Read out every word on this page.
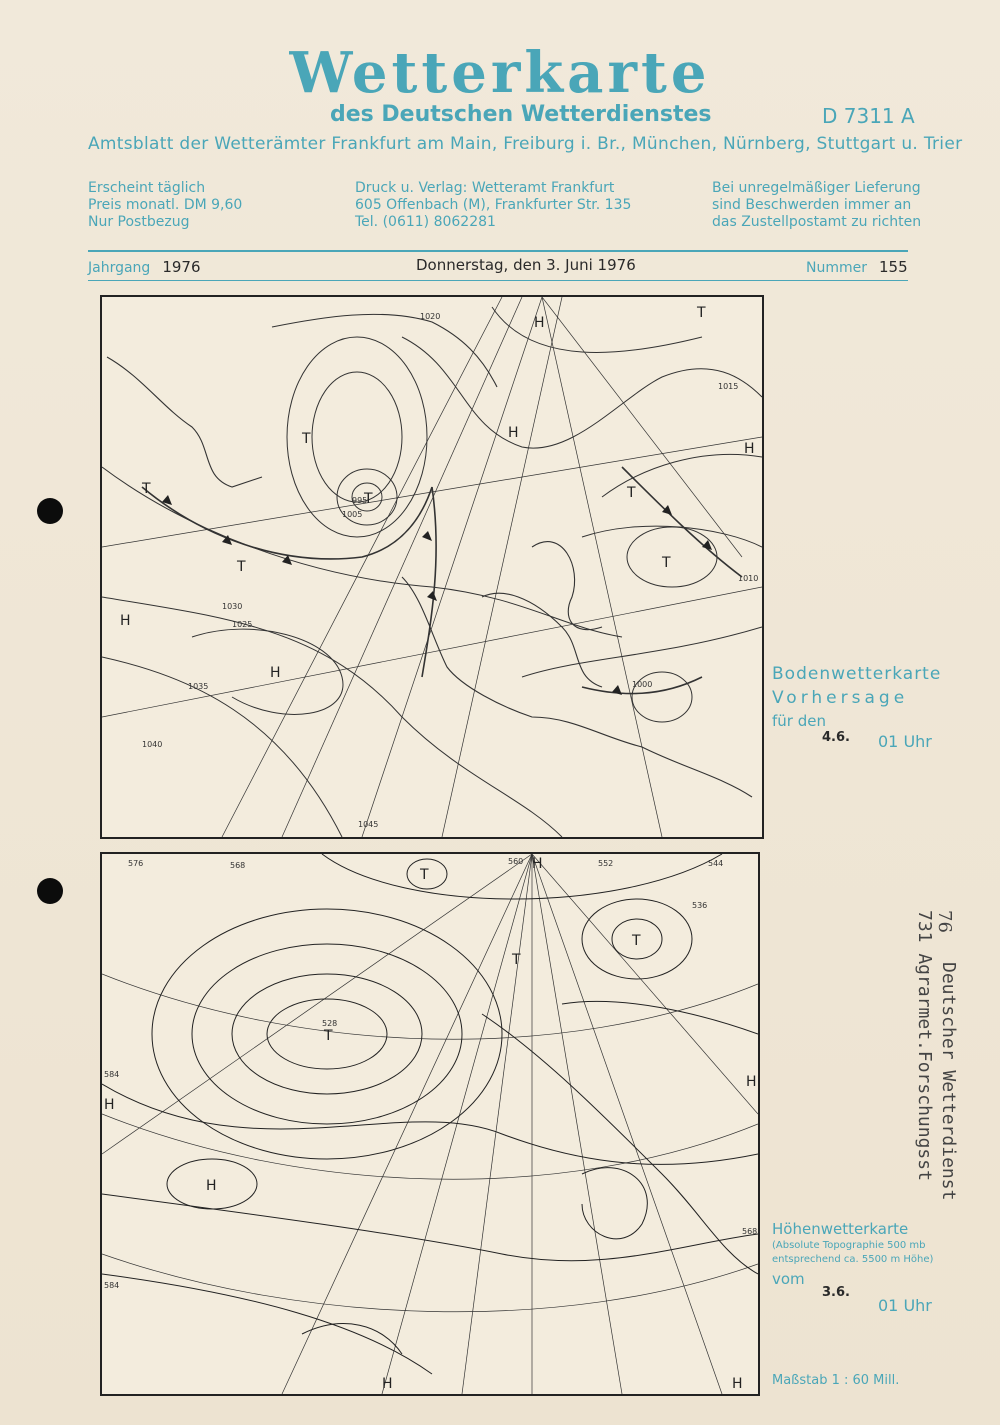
Wetterkarte
des Deutschen Wetterdienstes	D 7311 A
Amtsblatt der Wetterämter Frankfurt am Main, Freiburg i. Br., München, Nürnberg, Stuttgart u. Trier
Erscheint täglich
Preis monatl. DM 9,60
Nur Postbezug
Druck u. Verlag: Wetteramt Frankfurt
605 Offenbach (M), Frankfurter Str. 135
Tel. (0611) 8062281
Bei unregelmäßiger Lieferung
sind Beschwerden immer an
das Zustellpostamt zu richten
Jahrgang 1976	Donnerstag, den 3. Juni 1976	Nummer 155
H
H
H
H
T
T
T
T
T
T
T
H
1030
1025
1020
1015
1010
1005
1000
995
1035
1040
1045
Bodenwetterkarte
Vorhersage
für den
4.6. 01 Uhr
T
T
T
T
H
H
H
H
H	H
576	568	560	552	544
536
528
584
584
568 Höhenwetterkarte
(Absolute Topographie 500 mb
entsprechend ca. 5500 m Höhe)
vom
3.6.
01 Uhr
Maßstab 1 : 60 Mill.
Deutscher Wetterdienst
731 Agrarmet.Forschungsst 76
